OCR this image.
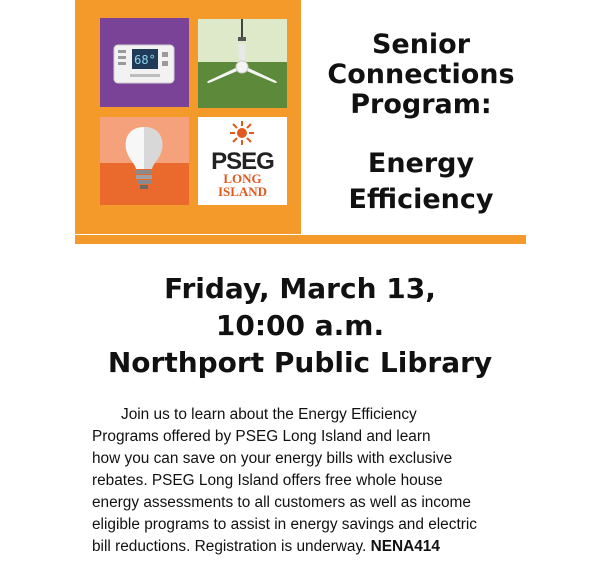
68°
PSEG
LONG
ISLAND
Senior
Connections
Program:
Energy
Efficiency
Friday, March 13,
10:00 a.m.
Northport Public Library
Join us to learn about the Energy Efficiency
Programs offered by PSEG Long Island and learn
how you can save on your energy bills with exclusive
rebates. PSEG Long Island offers free whole house
energy assessments to all customers as well as income
eligible programs to assist in energy savings and electric
bill reductions. Registration is underway. NENA414
